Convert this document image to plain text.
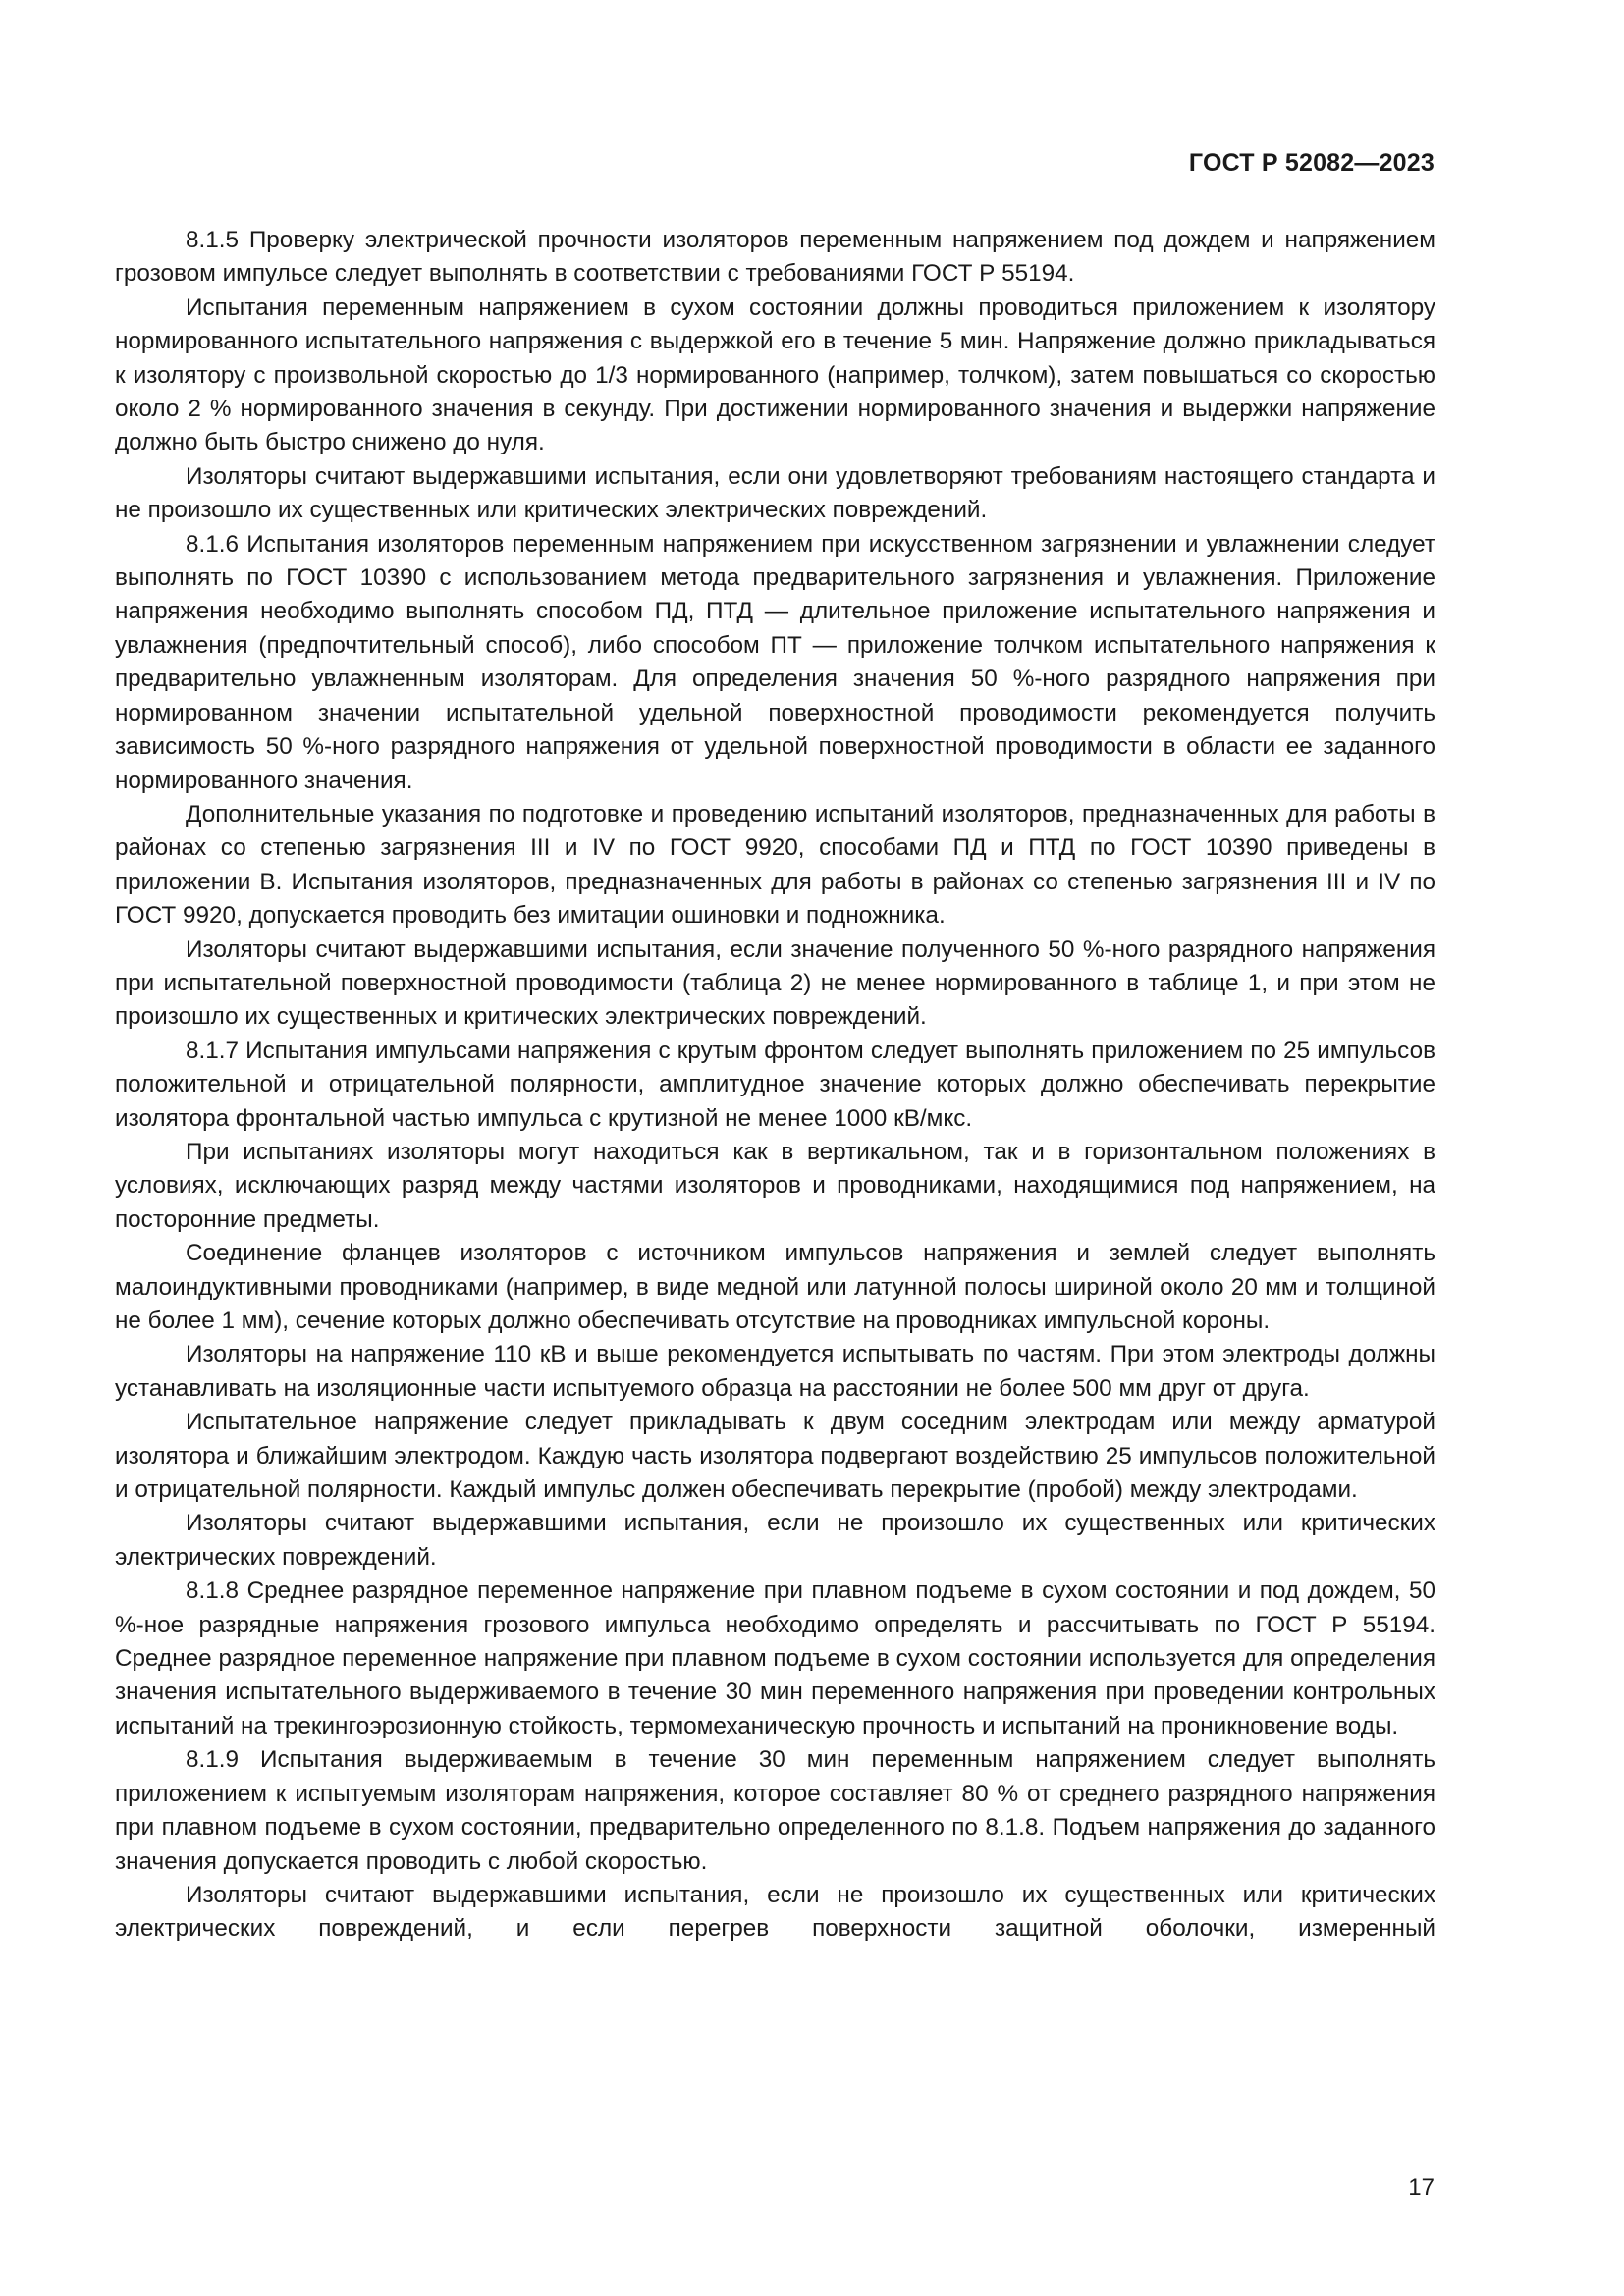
ГОСТ Р 52082—2023

8.1.5 Проверку электрической прочности изоляторов переменным напряжением под дождем и напряжением грозовом импульсе следует выполнять в соответствии с требованиями ГОСТ Р 55194.

Испытания переменным напряжением в сухом состоянии должны проводиться приложением к изолятору нормированного испытательного напряжения с выдержкой его в течение 5 мин. Напряжение должно прикладываться к изолятору с произвольной скоростью до 1/3 нормированного (например, толчком), затем повышаться со скоростью около 2 % нормированного значения в секунду. При достижении нормированного значения и выдержки напряжение должно быть быстро снижено до нуля.

Изоляторы считают выдержавшими испытания, если они удовлетворяют требованиям настоящего стандарта и не произошло их существенных или критических электрических повреждений.

8.1.6 Испытания изоляторов переменным напряжением при искусственном загрязнении и увлажнении следует выполнять по ГОСТ 10390 с использованием метода предварительного загрязнения и увлажнения. Приложение напряжения необходимо выполнять способом ПД, ПТД — длительное приложение испытательного напряжения и увлажнения (предпочтительный способ), либо способом ПТ — приложение толчком испытательного напряжения к предварительно увлажненным изоляторам. Для определения значения 50 %-ного разрядного напряжения при нормированном значении испытательной удельной поверхностной проводимости рекомендуется получить зависимость 50 %-ного разрядного напряжения от удельной поверхностной проводимости в области ее заданного нормированного значения.

Дополнительные указания по подготовке и проведению испытаний изоляторов, предназначенных для работы в районах со степенью загрязнения III и IV по ГОСТ 9920, способами ПД и ПТД по ГОСТ 10390 приведены в приложении В. Испытания изоляторов, предназначенных для работы в районах со степенью загрязнения III и IV по ГОСТ 9920, допускается проводить без имитации ошиновки и подножника.

Изоляторы считают выдержавшими испытания, если значение полученного 50 %-ного разрядного напряжения при испытательной поверхностной проводимости (таблица 2) не менее нормированного в таблице 1, и при этом не произошло их существенных и критических электрических повреждений.

8.1.7 Испытания импульсами напряжения с крутым фронтом следует выполнять приложением по 25 импульсов положительной и отрицательной полярности, амплитудное значение которых должно обеспечивать перекрытие изолятора фронтальной частью импульса с крутизной не менее 1000 кВ/мкс.

При испытаниях изоляторы могут находиться как в вертикальном, так и в горизонтальном положениях в условиях, исключающих разряд между частями изоляторов и проводниками, находящимися под напряжением, на посторонние предметы.

Соединение фланцев изоляторов с источником импульсов напряжения и землей следует выполнять малоиндуктивными проводниками (например, в виде медной или латунной полосы шириной около 20 мм и толщиной не более 1 мм), сечение которых должно обеспечивать отсутствие на проводниках импульсной короны.

Изоляторы на напряжение 110 кВ и выше рекомендуется испытывать по частям. При этом электроды должны устанавливать на изоляционные части испытуемого образца на расстоянии не более 500 мм друг от друга.

Испытательное напряжение следует прикладывать к двум соседним электродам или между арматурой изолятора и ближайшим электродом. Каждую часть изолятора подвергают воздействию 25 импульсов положительной и отрицательной полярности. Каждый импульс должен обеспечивать перекрытие (пробой) между электродами.

Изоляторы считают выдержавшими испытания, если не произошло их существенных или критических электрических повреждений.

8.1.8 Среднее разрядное переменное напряжение при плавном подъеме в сухом состоянии и под дождем, 50 %-ное разрядные напряжения грозового импульса необходимо определять и рассчитывать по ГОСТ Р 55194. Среднее разрядное переменное напряжение при плавном подъеме в сухом состоянии используется для определения значения испытательного выдерживаемого в течение 30 мин переменного напряжения при проведении контрольных испытаний на трекингоэрозионную стойкость, термомеханическую прочность и испытаний на проникновение воды.

8.1.9 Испытания выдерживаемым в течение 30 мин переменным напряжением следует выполнять приложением к испытуемым изоляторам напряжения, которое составляет 80 % от среднего разрядного напряжения при плавном подъеме в сухом состоянии, предварительно определенного по 8.1.8. Подъем напряжения до заданного значения допускается проводить с любой скоростью.

Изоляторы считают выдержавшими испытания, если не произошло их существенных или критических электрических повреждений, и если перегрев поверхности защитной оболочки, измеренный

17
